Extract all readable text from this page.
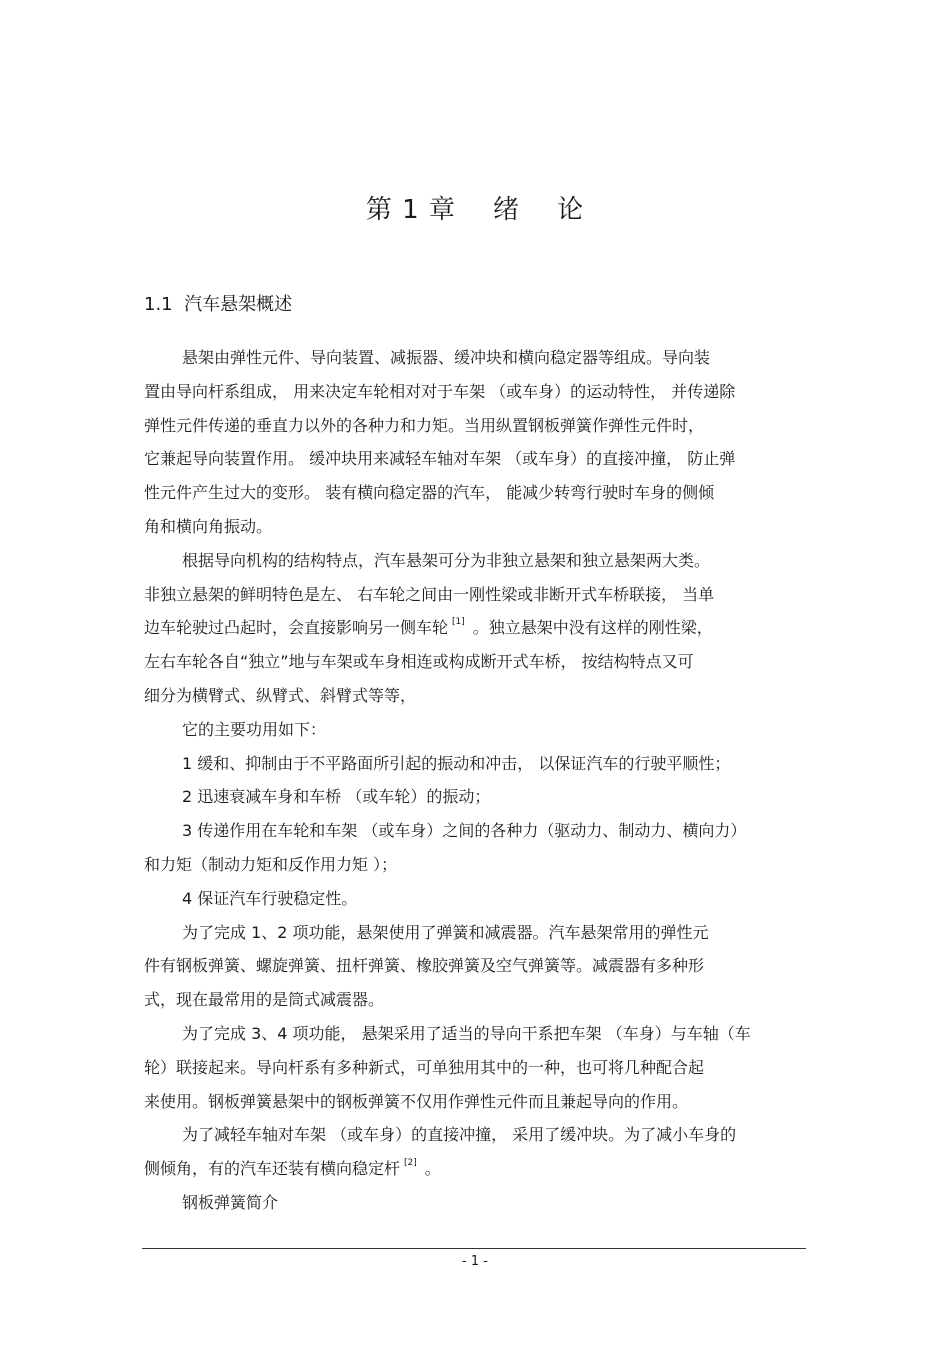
第 1 章    绪    论
1.1  汽车悬架概述
悬架由弹性元件、导向装置、减振器、缓冲块和横向稳定器等组成。导向装
置由导向杆系组成， 用来决定车轮相对对于车架 （或车身）的运动特性， 并传递除
弹性元件传递的垂直力以外的各种力和力矩。当用纵置钢板弹簧作弹性元件时，
它兼起导向装置作用。 缓冲块用来减轻车轴对车架 （或车身）的直接冲撞， 防止弹
性元件产生过大的变形。 装有横向稳定器的汽车， 能减少转弯行驶时车身的侧倾
角和横向角振动。
根据导向机构的结构特点，汽车悬架可分为非独立悬架和独立悬架两大类。
非独立悬架的鲜明特色是左、 右车轮之间由一刚性梁或非断开式车桥联接， 当单
边车轮驶过凸起时，会直接影响另一侧车轮 [1] 。独立悬架中没有这样的刚性梁，
左右车轮各自“独立”地与车架或车身相连或构成断开式车桥， 按结构特点又可
细分为横臂式、纵臂式、斜臂式等等，
它的主要功用如下：
1 缓和、抑制由于不平路面所引起的振动和冲击， 以保证汽车的行驶平顺性；
2 迅速衰减车身和车桥 （或车轮）的振动；
3 传递作用在车轮和车架 （或车身）之间的各种力（驱动力、制动力、横向力）
和力矩（制动力矩和反作用力矩 ）；
4 保证汽车行驶稳定性。
为了完成 1、2 项功能，悬架使用了弹簧和减震器。汽车悬架常用的弹性元
件有钢板弹簧、螺旋弹簧、扭杆弹簧、橡胶弹簧及空气弹簧等。减震器有多种形
式，现在最常用的是筒式减震器。
为了完成 3、4 项功能， 悬架采用了适当的导向干系把车架 （车身）与车轴（车
轮）联接起来。导向杆系有多种新式，可单独用其中的一种，也可将几种配合起
来使用。钢板弹簧悬架中的钢板弹簧不仅用作弹性元件而且兼起导向的作用。
为了减轻车轴对车架 （或车身）的直接冲撞， 采用了缓冲块。为了减小车身的
侧倾角，有的汽车还装有横向稳定杆 [2] 。
钢板弹簧简介
- 1 -
